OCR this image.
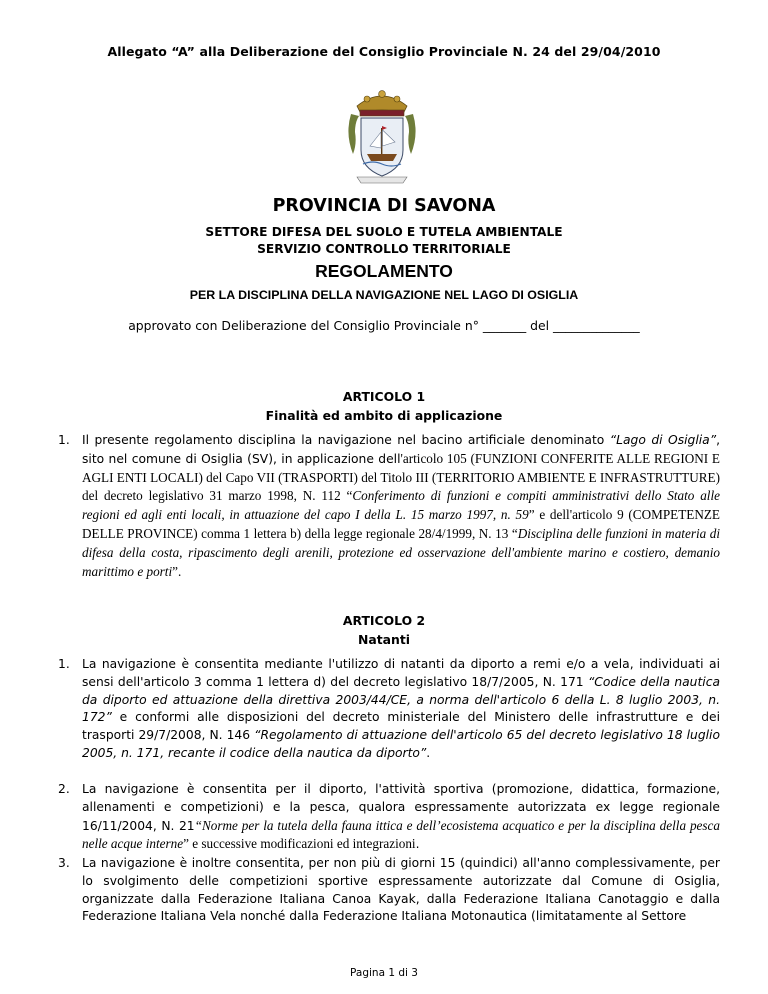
Allegato “A” alla Deliberazione del Consiglio Provinciale N. 24 del 29/04/2010
PROVINCIA DI SAVONA
SETTORE DIFESA DEL SUOLO E TUTELA AMBIENTALE
SERVIZIO CONTROLLO TERRITORIALE
REGOLAMENTO
PER LA DISCIPLINA DELLA NAVIGAZIONE NEL LAGO DI OSIGLIA
approvato con Deliberazione del Consiglio Provinciale n° _______ del ______________
ARTICOLO 1
Finalità ed ambito di applicazione
1. Il presente regolamento disciplina la navigazione nel bacino artificiale denominato “Lago di Osiglia”, sito nel comune di Osiglia (SV), in applicazione dell'articolo 105 (FUNZIONI CONFERITE ALLE REGIONI E AGLI ENTI LOCALI) del Capo VII (TRASPORTI) del Titolo III (TERRITORIO AMBIENTE E INFRASTRUTTURE) del decreto legislativo 31 marzo 1998, N. 112 “Conferimento di funzioni e compiti amministrativi dello Stato alle regioni ed agli enti locali, in attuazione del capo I della L. 15 marzo 1997, n. 59” e dell'articolo 9 (COMPETENZE DELLE PROVINCE) comma 1 lettera b) della legge regionale 28/4/1999, N. 13 “Disciplina delle funzioni in materia di difesa della costa, ripascimento degli arenili, protezione ed osservazione dell'ambiente marino e costiero, demanio marittimo e porti”.
ARTICOLO 2
Natanti
1. La navigazione è consentita mediante l'utilizzo di natanti da diporto a remi e/o a vela, individuati ai sensi dell'articolo 3 comma 1 lettera d) del decreto legislativo 18/7/2005, N. 171 “Codice della nautica da diporto ed attuazione della direttiva 2003/44/CE, a norma dell'articolo 6 della L. 8 luglio 2003, n. 172” e conformi alle disposizioni del decreto ministeriale del Ministero delle infrastrutture e dei trasporti 29/7/2008, N. 146 “Regolamento di attuazione dell'articolo 65 del decreto legislativo 18 luglio 2005, n. 171, recante il codice della nautica da diporto”.
2. La navigazione è consentita per il diporto, l'attività sportiva (promozione, didattica, formazione, allenamenti e competizioni) e la pesca, qualora espressamente autorizzata ex legge regionale 16/11/2004, N. 21“Norme per la tutela della fauna ittica e dell’ecosistema acquatico e per la disciplina della pesca nelle acque interne” e successive modificazioni ed integrazioni.
3. La navigazione è inoltre consentita, per non più di giorni 15 (quindici) all'anno complessivamente, per lo svolgimento delle competizioni sportive espressamente autorizzate dal Comune di Osiglia, organizzate dalla Federazione Italiana Canoa Kayak, dalla Federazione Italiana Canotaggio e dalla Federazione Italiana Vela nonché dalla Federazione Italiana Motonautica (limitatamente al Settore
Pagina 1 di 3
